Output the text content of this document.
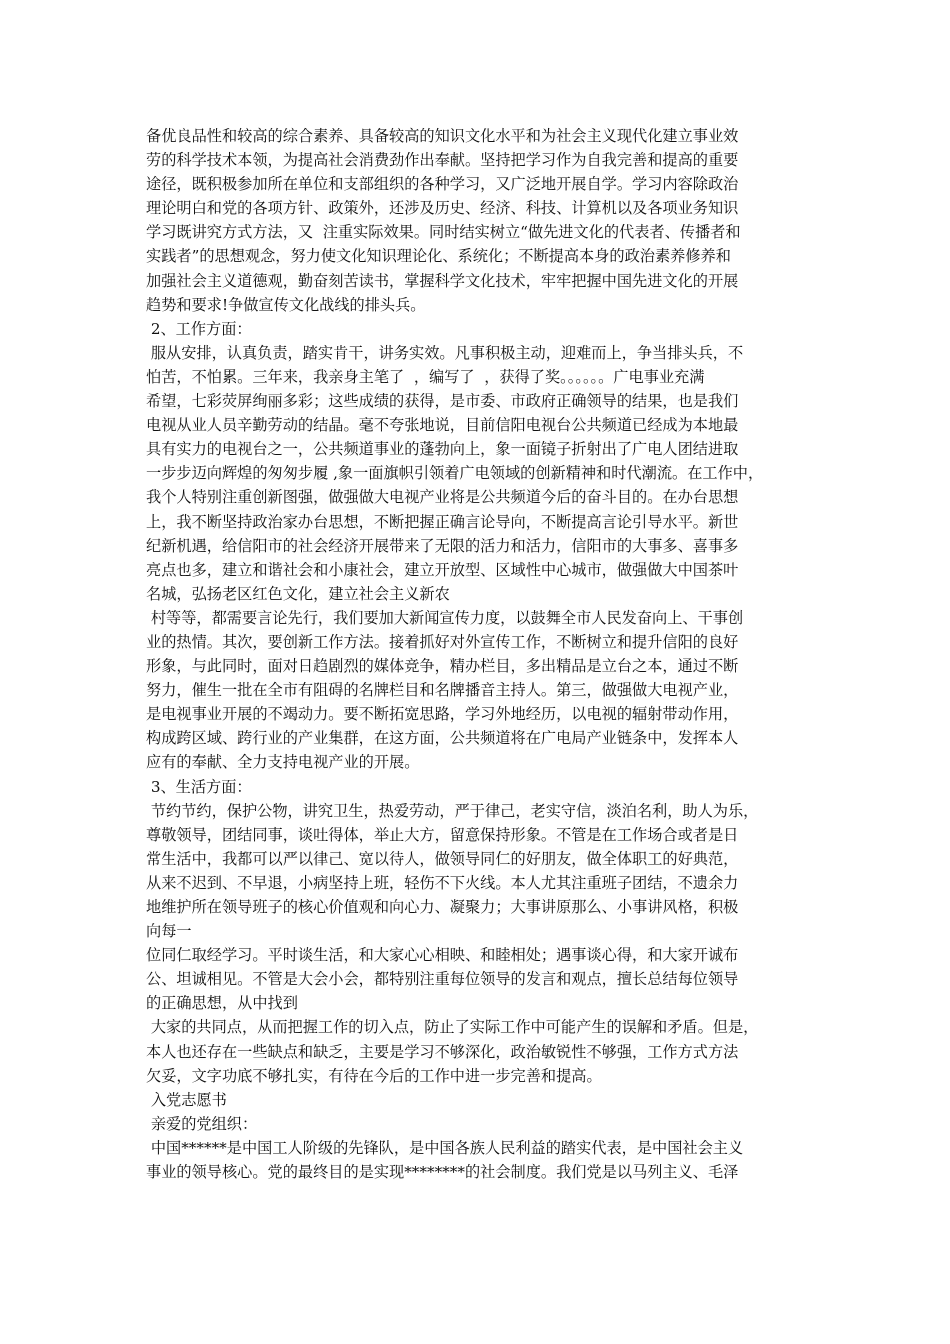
备优良品性和较高的综合素养、具备较高的知识文化水平和为社会主义现代化建立事业效
劳的科学技术本领，为提高社会消费劲作出奉献。坚持把学习作为自我完善和提高的重要
途径，既积极参加所在单位和支部组织的各种学习，又广泛地开展自学。学习内容除政治
理论明白和党的各项方针、政策外，还涉及历史、经济、科技、计算机以及各项业务知识
学习既讲究方式方法，又  注重实际效果。同时结实树立“做先进文化的代表者、传播者和
实践者”的思想观念，努力使文化知识理论化、系统化；不断提高本身的政治素养修养和
加强社会主义道德观，勤奋刻苦读书，掌握科学文化技术，牢牢把握中国先进文化的开展
趋势和要求!争做宣传文化战线的排头兵。
2、工作方面：
服从安排，认真负责，踏实肯干，讲务实效。凡事积极主动，迎难而上，争当排头兵，不
怕苦，不怕累。三年来，我亲身主笔了  ，编写了  ，获得了奖。。。。。。广电事业充满
希望，七彩荧屏绚丽多彩；这些成绩的获得，是市委、市政府正确领导的结果，也是我们
电视从业人员辛勤劳动的结晶。毫不夸张地说，目前信阳电视台公共频道已经成为本地最
具有实力的电视台之一，公共频道事业的蓬勃向上，象一面镜子折射出了广电人团结进取
一步步迈向辉煌的匆匆步履 ,象一面旗帜引领着广电领域的创新精神和时代潮流。在工作中，
我个人特别注重创新图强，做强做大电视产业将是公共频道今后的奋斗目的。在办台思想
上，我不断坚持政治家办台思想，不断把握正确言论导向，不断提高言论引导水平。新世
纪新机遇，给信阳市的社会经济开展带来了无限的活力和活力，信阳市的大事多、喜事多
亮点也多，建立和谐社会和小康社会，建立开放型、区域性中心城市，做强做大中国茶叶
名城，弘扬老区红色文化，建立社会主义新农
村等等，都需要言论先行，我们要加大新闻宣传力度，以鼓舞全市人民发奋向上、干事创
业的热情。其次，要创新工作方法。接着抓好对外宣传工作，不断树立和提升信阳的良好
形象，与此同时，面对日趋剧烈的媒体竞争，精办栏目，多出精品是立台之本，通过不断
努力，催生一批在全市有阻碍的名牌栏目和名牌播音主持人。第三，做强做大电视产业，
是电视事业开展的不竭动力。要不断拓宽思路，学习外地经历，以电视的辐射带动作用，
构成跨区域、跨行业的产业集群，在这方面，公共频道将在广电局产业链条中，发挥本人
应有的奉献、全力支持电视产业的开展。
3、生活方面：
节约节约，保护公物，讲究卫生，热爱劳动，严于律己，老实守信，淡泊名利，助人为乐，
尊敬领导，团结同事，谈吐得体，举止大方，留意保持形象。不管是在工作场合或者是日
常生活中，我都可以严以律己、宽以待人，做领导同仁的好朋友，做全体职工的好典范，
从来不迟到、不早退，小病坚持上班，轻伤不下火线。本人尤其注重班子团结，不遗余力
地维护所在领导班子的核心价值观和向心力、凝聚力；大事讲原那么、小事讲风格，积极
向每一
位同仁取经学习。平时谈生活，和大家心心相映、和睦相处；遇事谈心得，和大家开诚布
公、坦诚相见。不管是大会小会，都特别注重每位领导的发言和观点，擅长总结每位领导
的正确思想，从中找到
大家的共同点，从而把握工作的切入点，防止了实际工作中可能产生的误解和矛盾。但是，
本人也还存在一些缺点和缺乏，主要是学习不够深化，政治敏锐性不够强，工作方式方法
欠妥，文字功底不够扎实，有待在今后的工作中进一步完善和提高。
入党志愿书
亲爱的党组织：
中国******是中国工人阶级的先锋队，是中国各族人民利益的踏实代表，是中国社会主义
事业的领导核心。党的最终目的是实现********的社会制度。我们党是以马列主义、毛泽
